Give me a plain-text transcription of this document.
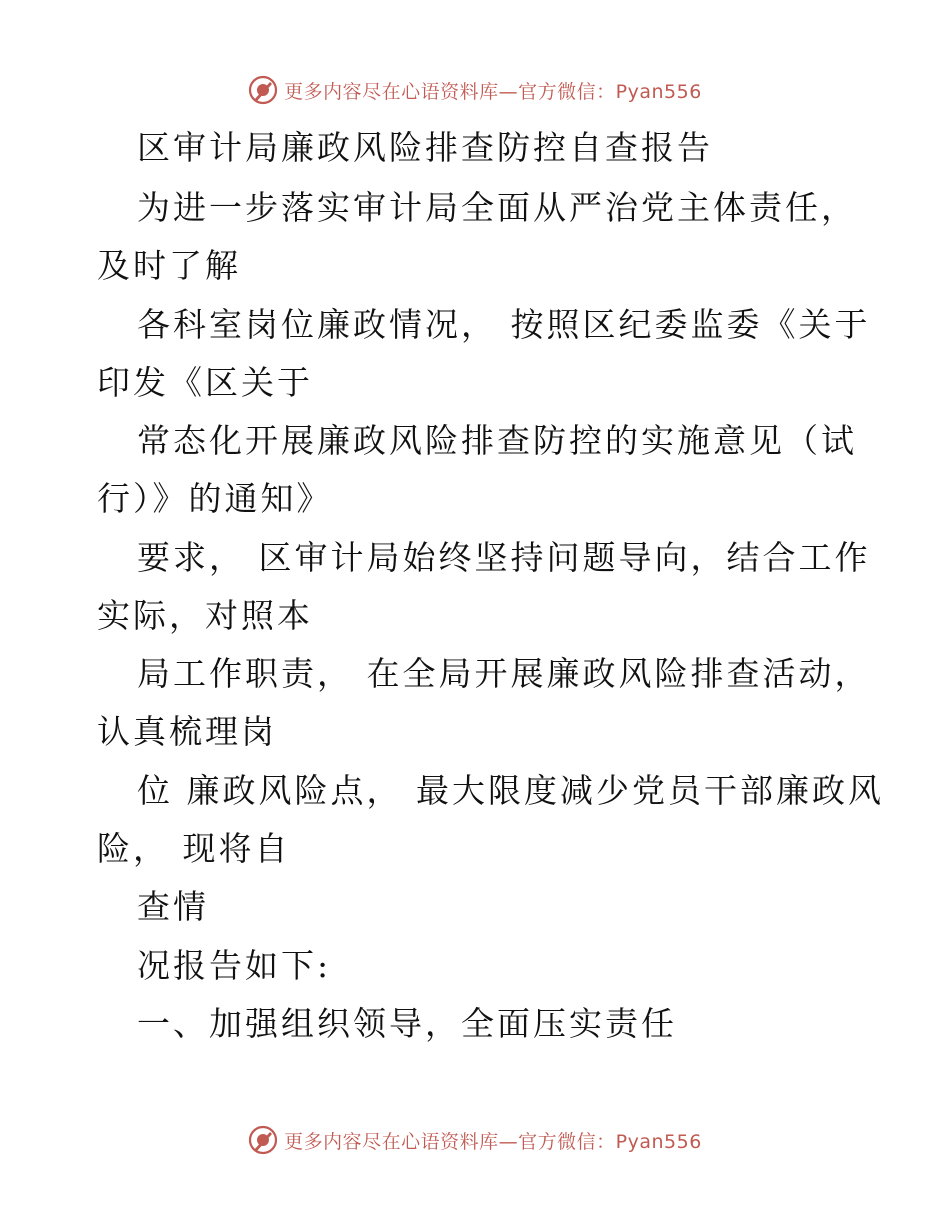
更多内容尽在心语资料库—官方微信：Pyan556
区审计局廉政风险排查防控自查报告
为进一步落实审计局全面从严治党主体责任，
及时了解
各科室岗位廉政情况， 按照区纪委监委《关于
印发《区关于
常态化开展廉政风险排查防控的实施意见（试
行）》的通知》
要求， 区审计局始终坚持问题导向，结合工作
实际，对照本
局工作职责， 在全局开展廉政风险排查活动，
认真梳理岗
位 廉政风险点， 最大限度减少党员干部廉政风
险， 现将自
查情
况报告如下:
一、加强组织领导，全面压实责任
更多内容尽在心语资料库—官方微信：Pyan556
